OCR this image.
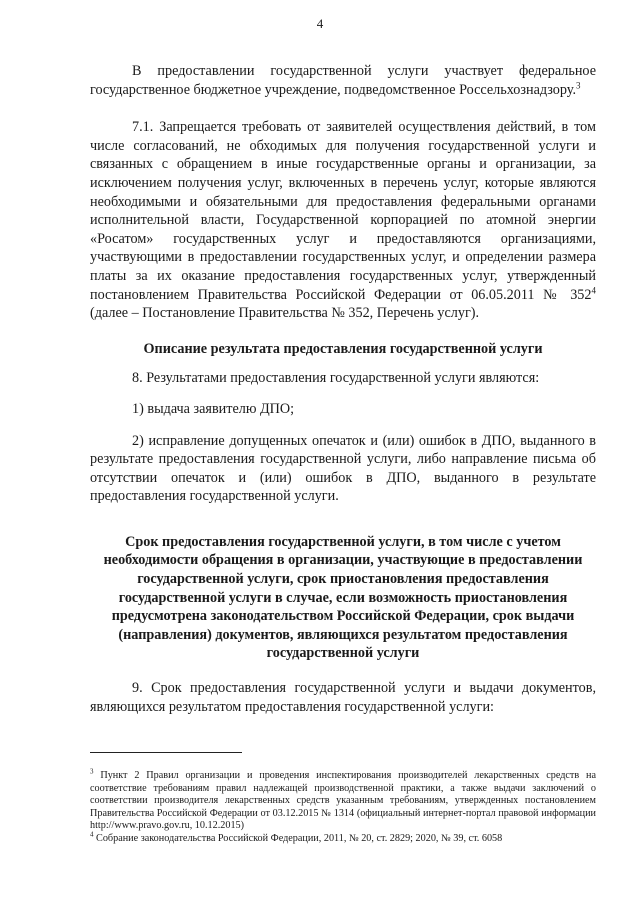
4

В предоставлении государственной услуги участвует федеральное государственное бюджетное учреждение, подведомственное Россельхознадзору.$^3$

7.1. Запрещается требовать от заявителей осуществления действий, в том числе согласований, не обходимых для получения государственной услуги и связанных с обращением в иные государственные органы и организации, за исключением получения услуг, включенных в перечень услуг, которые являются необходимыми и обязательными для предоставления федеральными органами исполнительной власти, Государственной корпорацией по атомной энергии «Росатом» государственных услуг и предоставляются организациями, участвующими в предоставлении государственных услуг, и определении размера платы за их оказание предоставления государственных услуг, утвержденный постановлением Правительства Российской Федерации от 06.05.2011 № $352^4$ (далее – Постановление Правительства № 352, Перечень услуг).

Описание результата предоставления государственной услуги

8. Результатами предоставления государственной услуги являются:

1) выдача заявителю ДПО;

2) исправление допущенных опечаток и (или) ошибок в ДПО, выданного в результате предоставления государственной услуги, либо направление письма об отсутствии опечаток и (или) ошибок в ДПО, выданного в результате предоставления государственной услуги.

Срок предоставления государственной услуги, в том числе с учетом необходимости обращения в организации, участвующие в предоставлении государственной услуги, срок приостановления предоставления государственной услуги в случае, если возможность приостановления предусмотрена законодательством Российской Федерации, срок выдачи (направления) документов, являющихся результатом предоставления государственной услуги

9. Срок предоставления государственной услуги и выдачи документов, являющихся результатом предоставления государственной услуги:

$^3$ Пункт 2 Правил организации и проведения инспектирования производителей лекарственных средств на соответствие требованиям правил надлежащей производственной практики, а также выдачи заключений о соответствии производителя лекарственных средств указанным требованиям, утвержденных постановлением Правительства Российской Федерации от 03.12.2015 № 1314 (официальный интернет-портал правовой информации http://www.pravo.gov.ru, 10.12.2015)

$^4$ Собрание законодательства Российской Федерации, 2011, № 20, ст. 2829; 2020, № 39, ст. 6058
